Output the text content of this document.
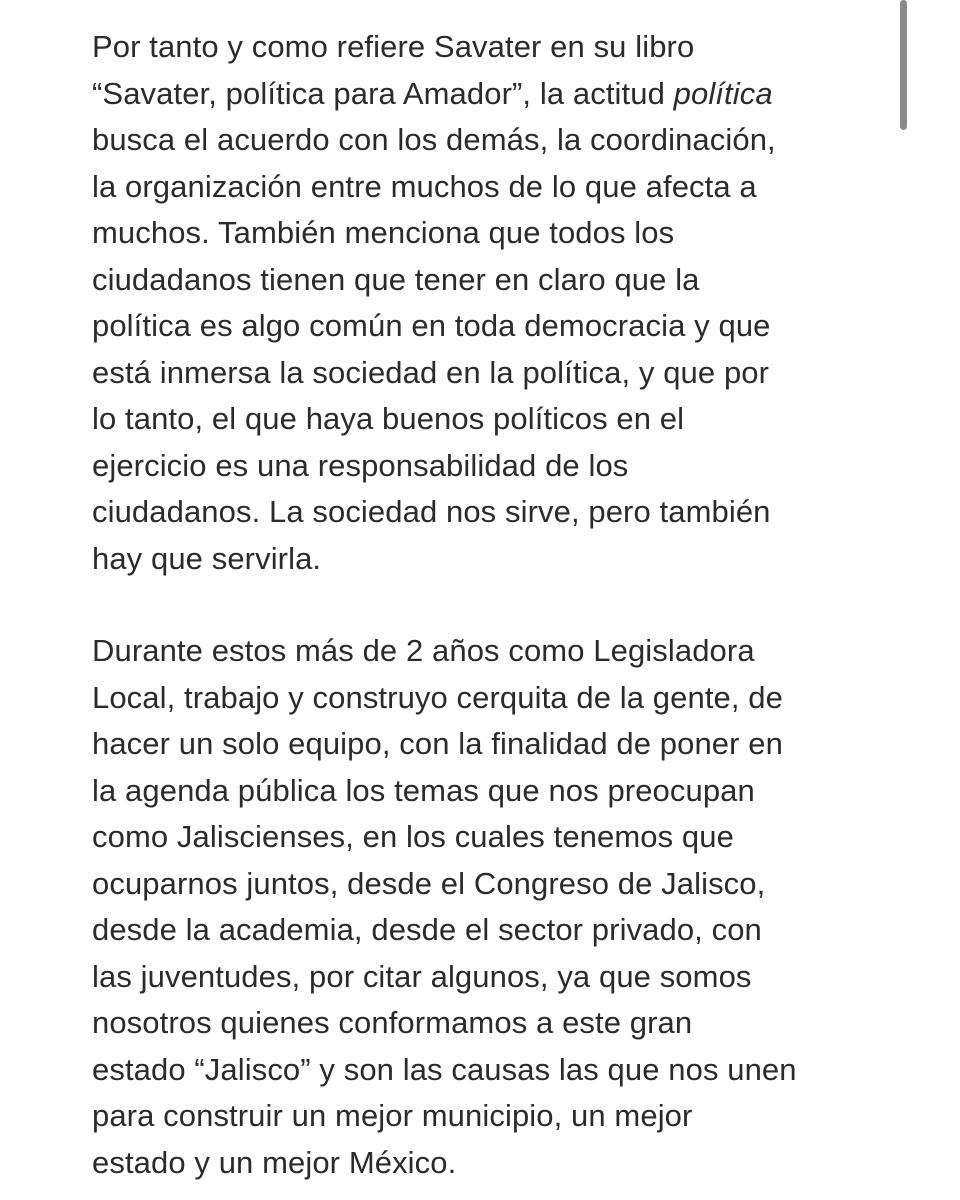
Por tanto y como refiere Savater en su libro
“Savater, política para Amador”, la actitud política
busca el acuerdo con los demás, la coordinación,
la organización entre muchos de lo que afecta a
muchos. También menciona que todos los
ciudadanos tienen que tener en claro que la
política es algo común en toda democracia y que
está inmersa la sociedad en la política, y que por
lo tanto, el que haya buenos políticos en el
ejercicio es una responsabilidad de los
ciudadanos. La sociedad nos sirve, pero también
hay que servirla.

Durante estos más de 2 años como Legisladora
Local, trabajo y construyo cerquita de la gente, de
hacer un solo equipo, con la finalidad de poner en
la agenda pública los temas que nos preocupan
como Jaliscienses, en los cuales tenemos que
ocuparnos juntos, desde el Congreso de Jalisco,
desde la academia, desde el sector privado, con
las juventudes, por citar algunos, ya que somos
nosotros quienes conformamos a este gran
estado “Jalisco” y son las causas las que nos unen
para construir un mejor municipio, un mejor
estado y un mejor México.
